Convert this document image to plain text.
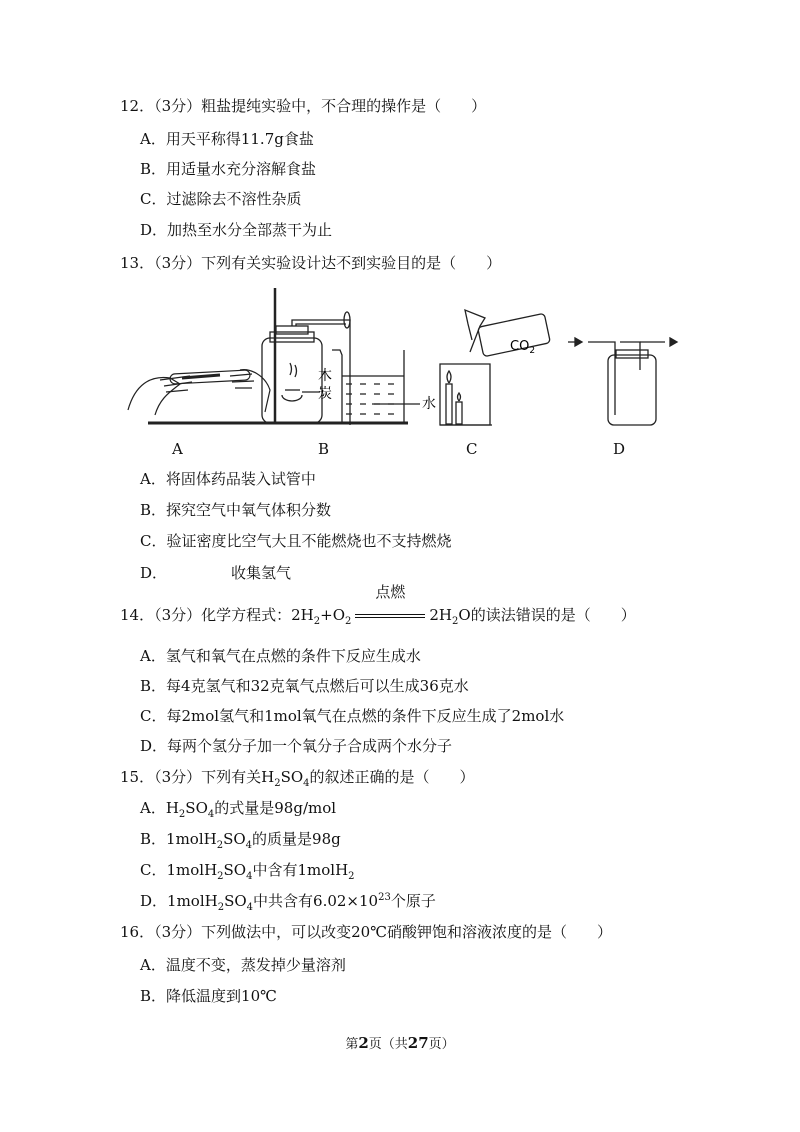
12．（3分）粗盐提纯实验中，不合理的操作是（　　）
A．用天平称得11.7g食盐
B．用适量水充分溶解食盐
C．过滤除去不溶性杂质
D．加热至水分全部蒸干为止
13．（3分）下列有关实验设计达不到实验目的是（　　）
木
炭
水
$CO_2$
A	B	C	D
A．将固体药品装入试管中
B．探究空气中氧气体积分数
C．验证密度比空气大且不能燃烧也不支持燃烧
D．	收集氢气
14．（3分）化学方程式：$2H_2+O_2$
点燃
$2H_2O$的读法错误的是（　　）
A．氢气和氧气在点燃的条件下反应生成水
B．每4克氢气和32克氧气点燃后可以生成36克水
C．每2mol氢气和1mol氧气在点燃的条件下反应生成了2mol水
D．每两个氢分子加一个氧分子合成两个水分子
15．（3分）下列有关$H_2SO_4$的叙述正确的是（　　）
A．$H_2SO_4$的式量是98g/mol
B．$1molH_2SO_4$的质量是98g
C．$1molH_2SO_4$中含有1molH$_2$
D．$1molH_2SO_4$中共含有$6.02\times 10^{23}$个原子
16．（3分）下列做法中，可以改变20℃硝酸钾饱和溶液浓度的是（　　）
A．温度不变，蒸发掉少量溶剂
B．降低温度到10℃
第2页（共27页）
